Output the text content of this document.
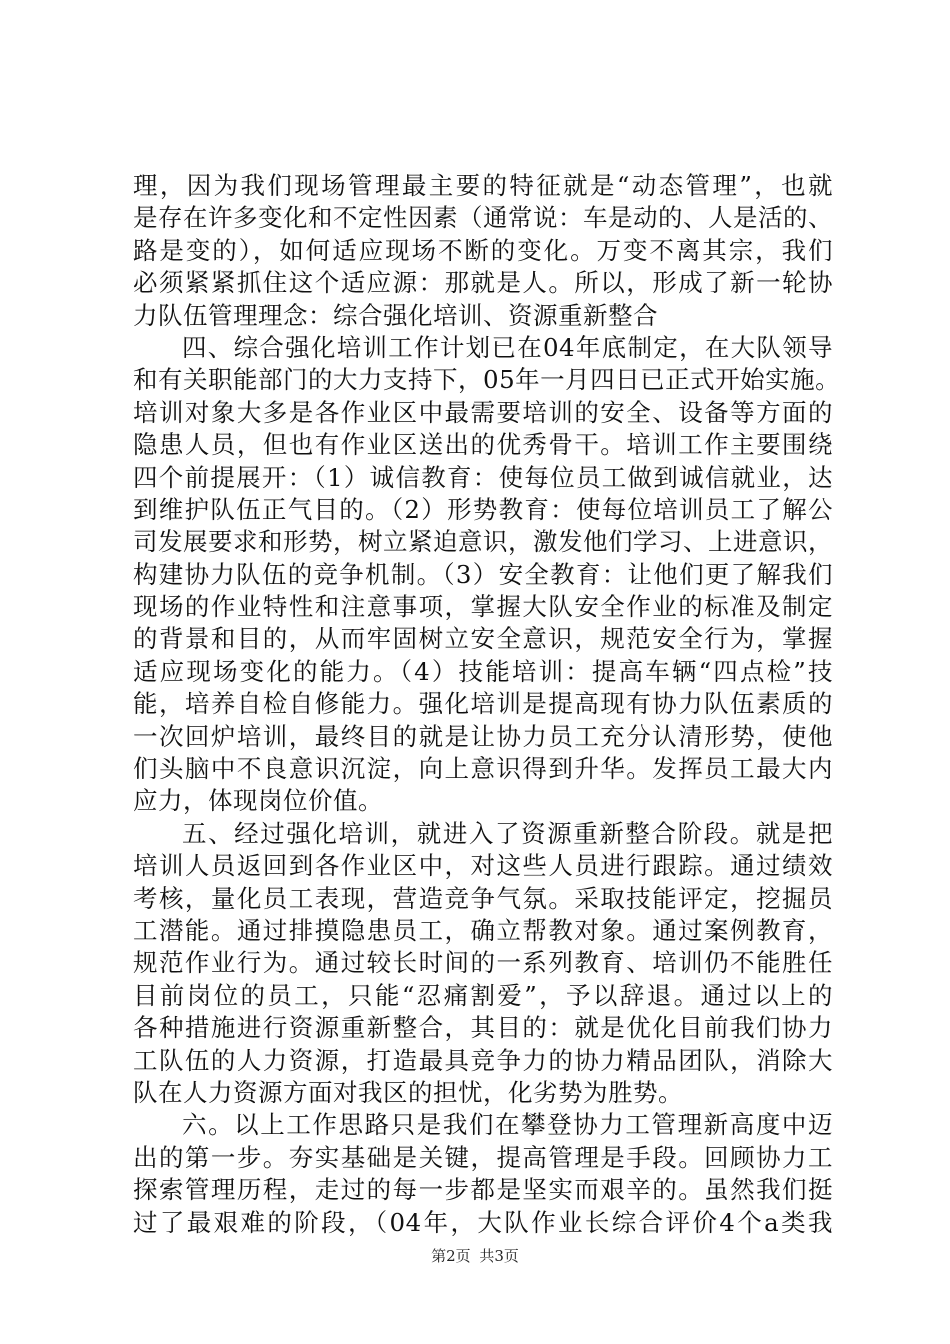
理，因为我们现场管理最主要的特征就是“动态管理”，也就
是存在许多变化和不定性因素（通常说：车是动的、人是活的、
路是变的），如何适应现场不断的变化。万变不离其宗，我们
必须紧紧抓住这个适应源：那就是人。所以，形成了新一轮协
力队伍管理理念：综合强化培训、资源重新整合
四、综合强化培训工作计划已在04年底制定，在大队领导
和有关职能部门的大力支持下，05年一月四日已正式开始实施。
培训对象大多是各作业区中最需要培训的安全、设备等方面的
隐患人员，但也有作业区送出的优秀骨干。培训工作主要围绕
四个前提展开：（1）诚信教育：使每位员工做到诚信就业，达
到维护队伍正气目的。（2）形势教育：使每位培训员工了解公
司发展要求和形势，树立紧迫意识，激发他们学习、上进意识，
构建协力队伍的竞争机制。（3）安全教育：让他们更了解我们
现场的作业特性和注意事项，掌握大队安全作业的标准及制定
的背景和目的，从而牢固树立安全意识，规范安全行为，掌握
适应现场变化的能力。（4）技能培训：提高车辆“四点检”技
能，培养自检自修能力。强化培训是提高现有协力队伍素质的
一次回炉培训，最终目的就是让协力员工充分认清形势，使他
们头脑中不良意识沉淀，向上意识得到升华。发挥员工最大内
应力，体现岗位价值。
五、经过强化培训，就进入了资源重新整合阶段。就是把
培训人员返回到各作业区中，对这些人员进行跟踪。通过绩效
考核，量化员工表现，营造竞争气氛。采取技能评定，挖掘员
工潜能。通过排摸隐患员工，确立帮教对象。通过案例教育，
规范作业行为。通过较长时间的一系列教育、培训仍不能胜任
目前岗位的员工，只能“忍痛割爱”，予以辞退。通过以上的
各种措施进行资源重新整合，其目的：就是优化目前我们协力
工队伍的人力资源，打造最具竞争力的协力精品团队，消除大
队在人力资源方面对我区的担忧，化劣势为胜势。
六。以上工作思路只是我们在攀登协力工管理新高度中迈
出的第一步。夯实基础是关键，提高管理是手段。回顾协力工
探索管理历程，走过的每一步都是坚实而艰辛的。虽然我们挺
过了最艰难的阶段，（04年，大队作业长综合评价4个a类我
第2页 共3页
